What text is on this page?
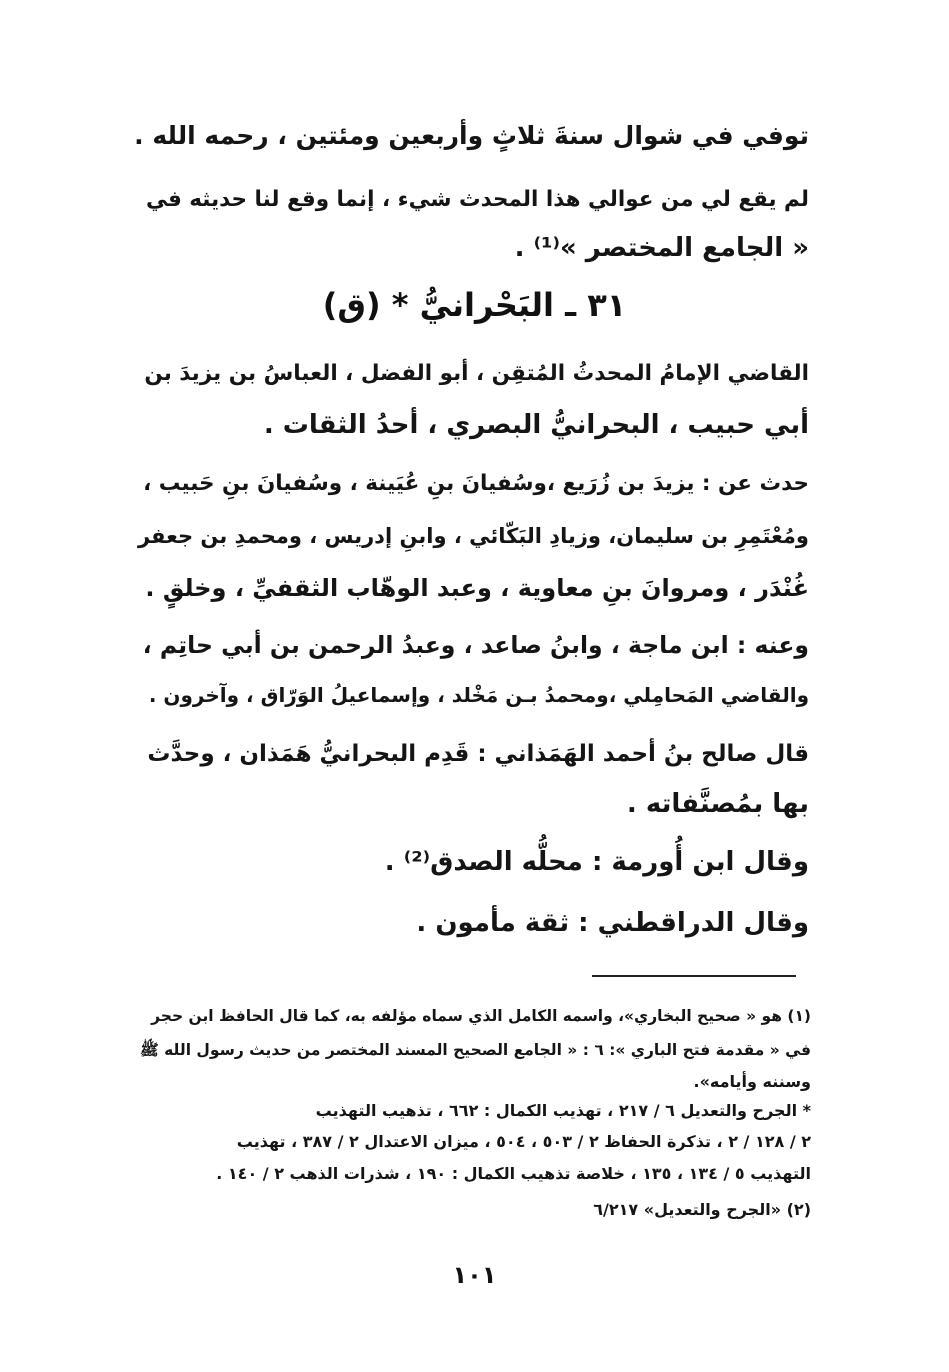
توفي في شوال سنةَ ثلاثٍ وأربعين ومئتين ، رحمه الله .
لم يقع لي من عوالي هذا المحدث شيء ، إنما وقع لنا حديثه في
« الجامع المختصر »⁽¹⁾ .
٣١ ـ البَحْرانيُّ * (ق)
القاضي الإمامُ المحدثُ المُتقِن ، أبو الفضل ، العباسُ بن يزيدَ بن
أبي حبيب ، البحرانيُّ البصري ، أحدُ الثقات .
حدث عن : يزيدَ بن زُرَيع ،وسُفيانَ بنِ عُيَينة ، وسُفيانَ بنِ حَبيب ،
ومُعْتَمِرِ بن سليمان، وزيادِ البَكّائي ، وابنِ إدريس ، ومحمدِ بن جعفر
غُنْدَر ، ومروانَ بنِ معاوية ، وعبد الوهّاب الثقفيِّ ، وخلقٍ .
وعنه : ابن ماجة ، وابنُ صاعد ، وعبدُ الرحمن بن أبي حاتِم ،
والقاضي المَحامِلي ،ومحمدُ بـن مَخْلد ، وإسماعيلُ الوَرّاق ، وآخرون .
قال صالح بنُ أحمد الهَمَذاني : قَدِم البحرانيُّ هَمَذان ، وحدَّث
بها بمُصنَّفاته .
وقال ابن أُورمة : محلُّه الصدق⁽²⁾ .
وقال الدراقطني : ثقة مأمون .
(١) هو « صحيح البخاري»، واسمه الكامل الذي سماه مؤلفه به، كما قال الحافظ ابن حجر
في « مقدمة فتح الباري »: ٦ : « الجامع الصحيح المسند المختصر من حديث رسول الله ﷺ
وسننه وأيامه».
* الجرح والتعديل ٦ / ٢١٧ ، تهذيب الكمال : ٦٦٢ ، تذهيب التهذيب
٢ / ١٢٨ / ٢ ، تذكرة الحفاظ ٢ / ٥٠٣ ، ٥٠٤ ، ميزان الاعتدال ٢ / ٣٨٧ ، تهذيب
التهذيب ٥ / ١٣٤ ، ١٣٥ ، خلاصة تذهيب الكمال : ١٩٠ ، شذرات الذهب ٢ / ١٤٠ .
(٢) «الجرح والتعديل» ٦/٢١٧
١٠١
